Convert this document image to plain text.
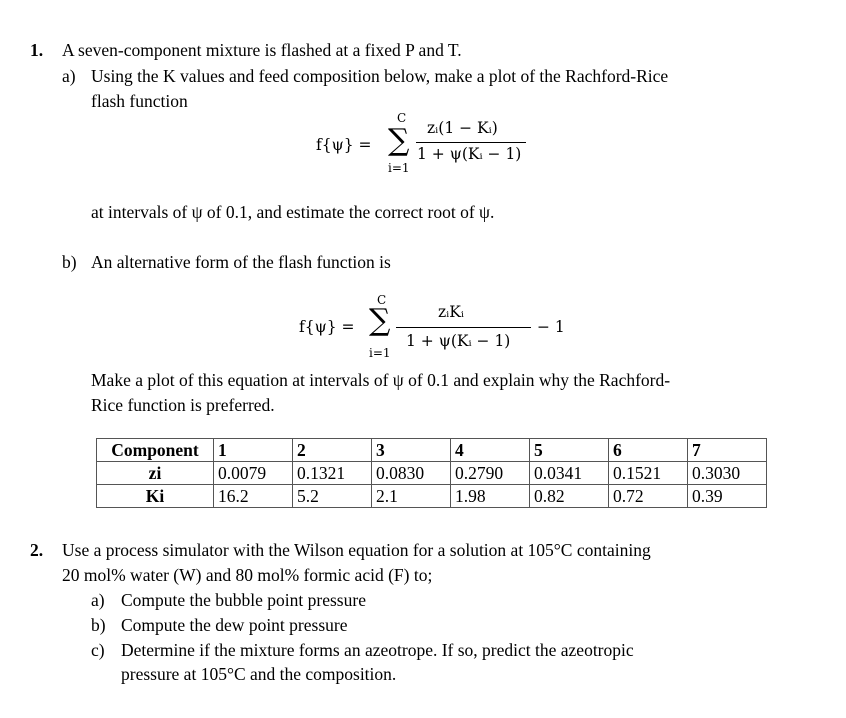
1. A seven-component mixture is flashed at a fixed P and T.
a) Using the K values and feed composition below, make a plot of the Rachford-Rice
flash function
f{ψ} =
C
∑
i=1
zᵢ(1 − Kᵢ)
1 + ψ(Kᵢ − 1)
at intervals of ψ of 0.1, and estimate the correct root of ψ.
b) An alternative form of the flash function is
f{ψ} =
C
∑
i=1
zᵢKᵢ
1 + ψ(Kᵢ − 1)
− 1
Make a plot of this equation at intervals of ψ of 0.1 and explain why the Rachford-
Rice function is preferred.
Component	1	2	3	4	5	6	7
zi	0.0079	0.1321	0.0830	0.2790	0.0341	0.1521	0.3030
Ki	16.2	5.2	2.1	1.98	0.82	0.72	0.39
2. Use a process simulator with the Wilson equation for a solution at 105°C containing
20 mol% water (W) and 80 mol% formic acid (F) to;
a) Compute the bubble point pressure
b) Compute the dew point pressure
c) Determine if the mixture forms an azeotrope. If so, predict the azeotropic
pressure at 105°C and the composition.
